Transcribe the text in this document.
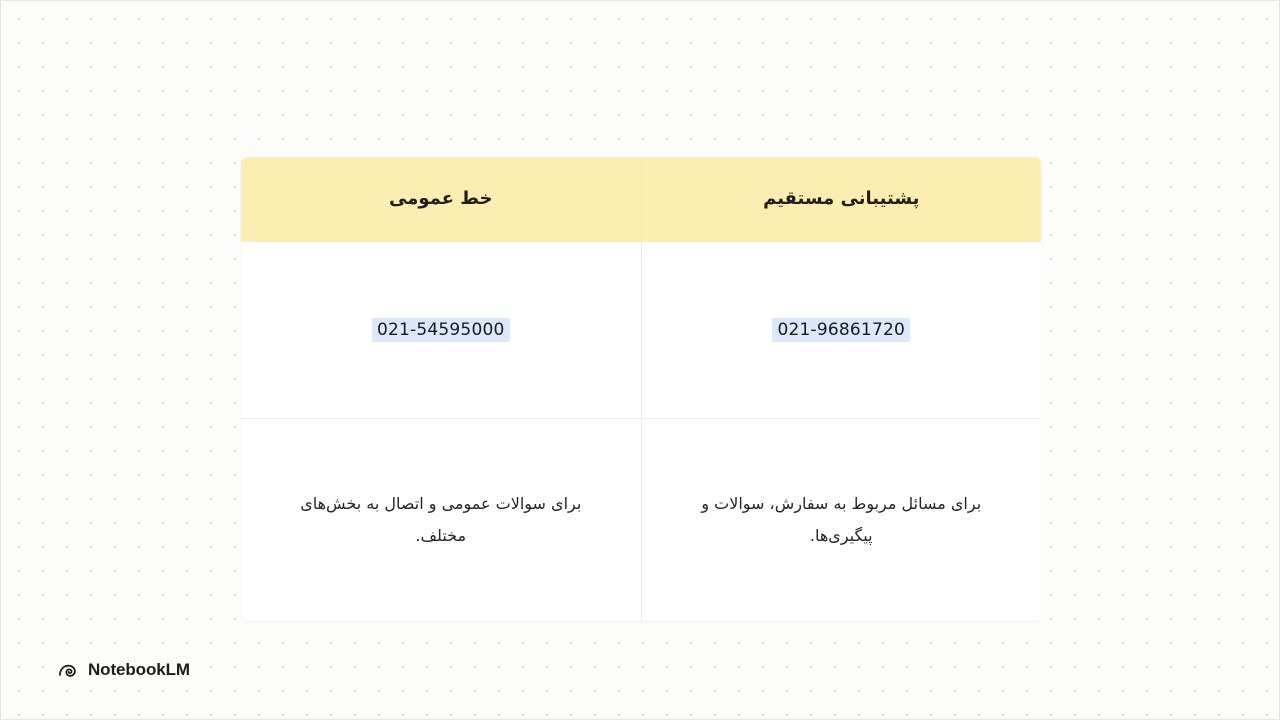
پشتیبانی مستقیم	خط عمومی
021-96861720	021-54595000

برای مسائل مربوط به سفارش، سوالات و پیگیری‌ها.	برای سوالات عمومی و اتصال به بخش‌های مختلف.
NotebookLM
